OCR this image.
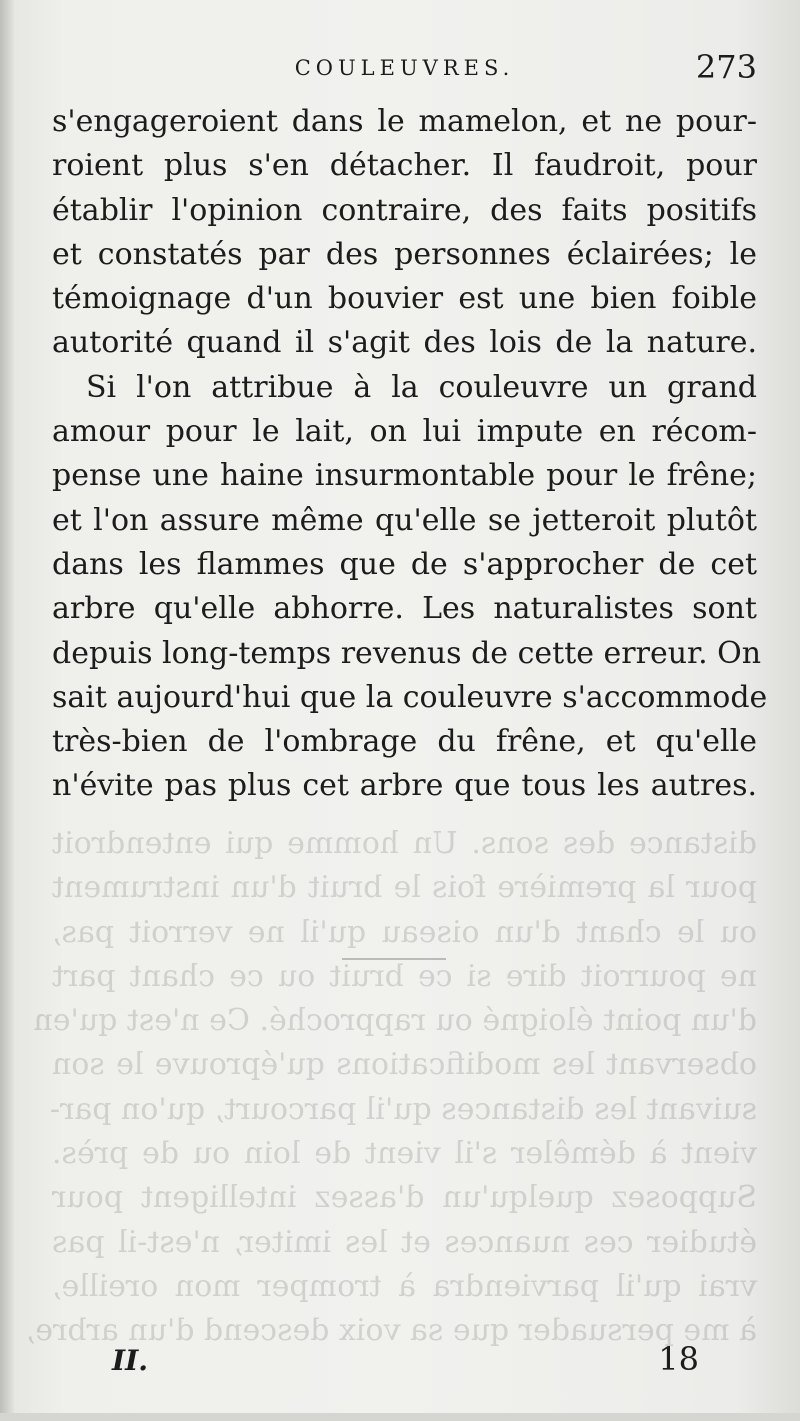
COULEUVRES.	273
distance des sons. Un homme qui entendroit
pour la première fois le bruit d'un instrument
ou le chant d'un oiseau qu'il ne verroit pas,
ne pourroit dire si ce bruit ou ce chant part
d'un point éloigné ou rapproché. Ce n'est qu'en
observant les modifications qu'éprouve le son
suivant les distances qu'il parcourt, qu'on par-
vient à démêler s'il vient de loin ou de près.
Supposez quelqu'un d'assez intelligent pour
étudier ces nuances et les imiter, n'est-il pas
vrai qu'il parviendra à tromper mon oreille,
à me persuader que sa voix descend d'un arbre,
s'engageroient dans le mamelon, et ne pour-
roient plus s'en détacher. Il faudroit, pour
établir l'opinion contraire, des faits positifs
et constatés par des personnes éclairées; le
témoignage d'un bouvier est une bien foible
autorité quand il s'agit des lois de la nature.
Si l'on attribue à la couleuvre un grand
amour pour le lait, on lui impute en récom-
pense une haine insurmontable pour le frêne;
et l'on assure même qu'elle se jetteroit plutôt
dans les flammes que de s'approcher de cet
arbre qu'elle abhorre. Les naturalistes sont
depuis long-temps revenus de cette erreur. On
sait aujourd'hui que la couleuvre s'accommode
très-bien de l'ombrage du frêne, et qu'elle
n'évite pas plus cet arbre que tous les autres.
II.	18
